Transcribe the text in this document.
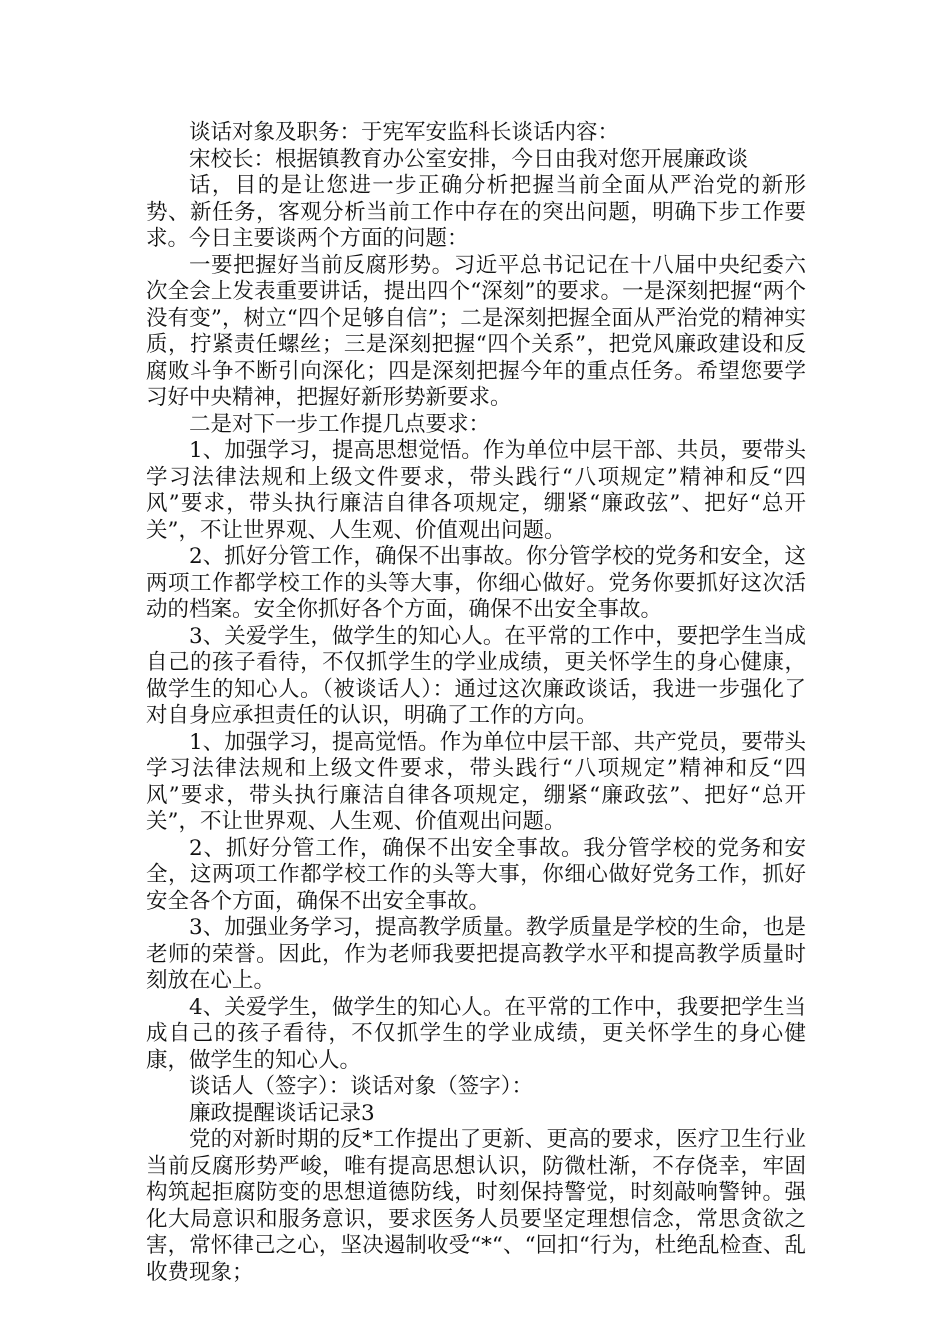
谈话对象及职务：于宪军安监科长谈话内容：

宋校长：根据镇教育办公室安排，今日由我对您开展廉政谈

话，目的是让您进一步正确分析把握当前全面从严治党的新形势、新任务，客观分析当前工作中存在的突出问题，明确下步工作要求。今日主要谈两个方面的问题：

一要把握好当前反腐形势。习近平总书记记在十八届中央纪委六次全会上发表重要讲话，提出四个“深刻”的要求。一是深刻把握“两个没有变”，树立“四个足够自信”；二是深刻把握全面从严治党的精神实质，拧紧责任螺丝；三是深刻把握“四个关系”，把党风廉政建设和反腐败斗争不断引向深化；四是深刻把握今年的重点任务。希望您要学习好中央精神，把握好新形势新要求。

二是对下一步工作提几点要求：

1、加强学习，提高思想觉悟。作为单位中层干部、共员，要带头学习法律法规和上级文件要求，带头践行“八项规定”精神和反“四风”要求，带头执行廉洁自律各项规定，绷紧“廉政弦”、把好“总开关”，不让世界观、人生观、价值观出问题。

2、抓好分管工作，确保不出事故。你分管学校的党务和安全，这两项工作都学校工作的头等大事，你细心做好。党务你要抓好这次活动的档案。安全你抓好各个方面，确保不出安全事故。

3、关爱学生，做学生的知心人。在平常的工作中，要把学生当成自己的孩子看待，不仅抓学生的学业成绩，更关怀学生的身心健康，做学生的知心人。（被谈话人）：通过这次廉政谈话，我进一步强化了对自身应承担责任的认识，明确了工作的方向。

1、加强学习，提高觉悟。作为单位中层干部、共产党员，要带头学习法律法规和上级文件要求，带头践行“八项规定”精神和反“四风”要求，带头执行廉洁自律各项规定，绷紧“廉政弦”、把好“总开关”，不让世界观、人生观、价值观出问题。

2、抓好分管工作，确保不出安全事故。我分管学校的党务和安全，这两项工作都学校工作的头等大事，你细心做好党务工作，抓好安全各个方面，确保不出安全事故。

3、加强业务学习，提高教学质量。教学质量是学校的生命，也是老师的荣誉。因此，作为老师我要把提高教学水平和提高教学质量时刻放在心上。

4、关爱学生，做学生的知心人。在平常的工作中，我要把学生当成自己的孩子看待，不仅抓学生的学业成绩，更关怀学生的身心健康，做学生的知心人。

谈话人（签字）：谈话对象（签字）：

廉政提醒谈话记录3

党的对新时期的反*工作提出了更新、更高的要求，医疗卫生行业当前反腐形势严峻，唯有提高思想认识，防微杜渐，不存侥幸，牢固构筑起拒腐防变的思想道德防线，时刻保持警觉，时刻敲响警钟。强化大局意识和服务意识，要求医务人员要坚定理想信念，常思贪欲之害，常怀律己之心，坚决遏制收受“*“、“回扣“行为，杜绝乱检查、乱收费现象；
